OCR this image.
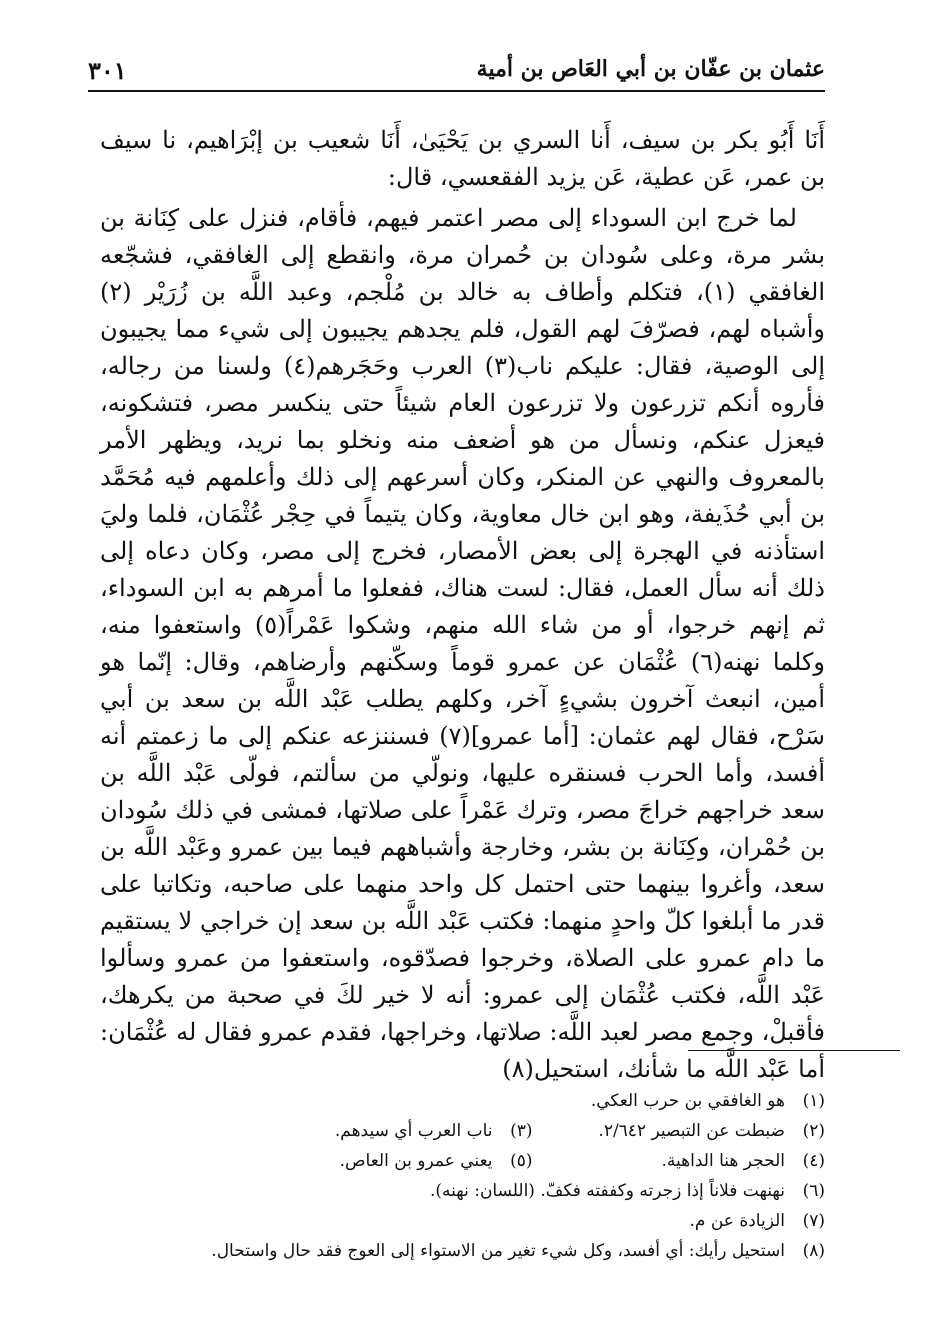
عثمان بن عفّان بن أبي العَاص بن أمية
٣٠١

أَنَا أَبُو بكر بن سيف، أَنا السري بن يَحْيَىٰ، أَنَا شعيب بن إبْرَاهيم، نا سيف بن عمر، عَن عطية، عَن يزيد الفقعسي، قال:

لما خرج ابن السوداء إلى مصر اعتمر فيهم، فأقام، فنزل على كِنَانة بن بشر مرة، وعلى سُودان بن حُمران مرة، وانقطع إلى الغافقي، فشجّعه الغافقي (١)، فتكلم وأطاف به خالد بن مُلْجم، وعبد اللَّه بن زُرَيْر (٢) وأشباه لهم، فصرّفَ لهم القول، فلم يجدهم يجيبون إلى شيء مما يجيبون إلى الوصية، فقال: عليكم ناب(٣) العرب وحَجَرهم(٤) ولسنا من رجاله، فأروه أنكم تزرعون ولا تزرعون العام شيئاً حتى ينكسر مصر، فتشكونه، فيعزل عنكم، ونسأل من هو أضعف منه ونخلو بما نريد، ويظهر الأمر بالمعروف والنهي عن المنكر، وكان أسرعهم إلى ذلك وأعلمهم فيه مُحَمَّد بن أبي حُذَيفة، وهو ابن خال معاوية، وكان يتيماً في حِجْر عُثْمَان، فلما وليَ استأذنه في الهجرة إلى بعض الأمصار، فخرج إلى مصر، وكان دعاه إلى ذلك أنه سأل العمل، فقال: لست هناك، ففعلوا ما أمرهم به ابن السوداء، ثم إنهم خرجوا، أو من شاء الله منهم، وشكوا عَمْراً(٥) واستعفوا منه، وكلما نهنه(٦) عُثْمَان عن عمرو قوماً وسكّنهم وأرضاهم، وقال: إنّما هو أمين، انبعث آخرون بشيءٍ آخر، وكلهم يطلب عَبْد اللَّه بن سعد بن أبي سَرْح، فقال لهم عثمان: [أما عمرو](٧) فسننزعه عنكم إلى ما زعمتم أنه أفسد، وأما الحرب فسنقره عليها، ونولّي من سألتم، فولّى عَبْد اللَّه بن سعد خراجهم خراجَ مصر، وترك عَمْراً على صلاتها، فمشى في ذلك سُودان بن حُمْران، وكِنَانة بن بشر، وخارجة وأشباههم فيما بين عمرو وعَبْد اللَّه بن سعد، وأغروا بينهما حتى احتمل كل واحد منهما على صاحبه، وتكاتبا على قدر ما أبلغوا كلّ واحدٍ منهما: فكتب عَبْد اللَّه بن سعد إن خراجي لا يستقيم ما دام عمرو على الصلاة، وخرجوا فصدّقوه، واستعفوا من عمرو وسألوا عَبْد اللَّه، فكتب عُثْمَان إلى عمرو: أنه لا خير لكَ في صحبة من يكرهك، فأقبلْ، وجمع مصر لعبد اللَّه: صلاتها، وخراجها، فقدم عمرو فقال له عُثْمَان: أما عَبْد اللَّه ما شأنك، استحيل(٨)

(١)
هو الغافقي بن حرب العكي.
(٢)
ضبطت عن التبصير ٢/٦٤٢.
(٣)
ناب العرب أي سيدهم.
(٤)
الحجر هنا الداهية.
(٥)
يعني عمرو بن العاص.
(٦)
نهنهت فلاناً إذا زجرته وكففته فكفّ. (اللسان: نهنه).
(٧)
الزيادة عن م.
(٨)
استحيل رأيك: أي أفسد، وكل شيء تغير من الاستواء إلى العوج فقد حال واستحال.
